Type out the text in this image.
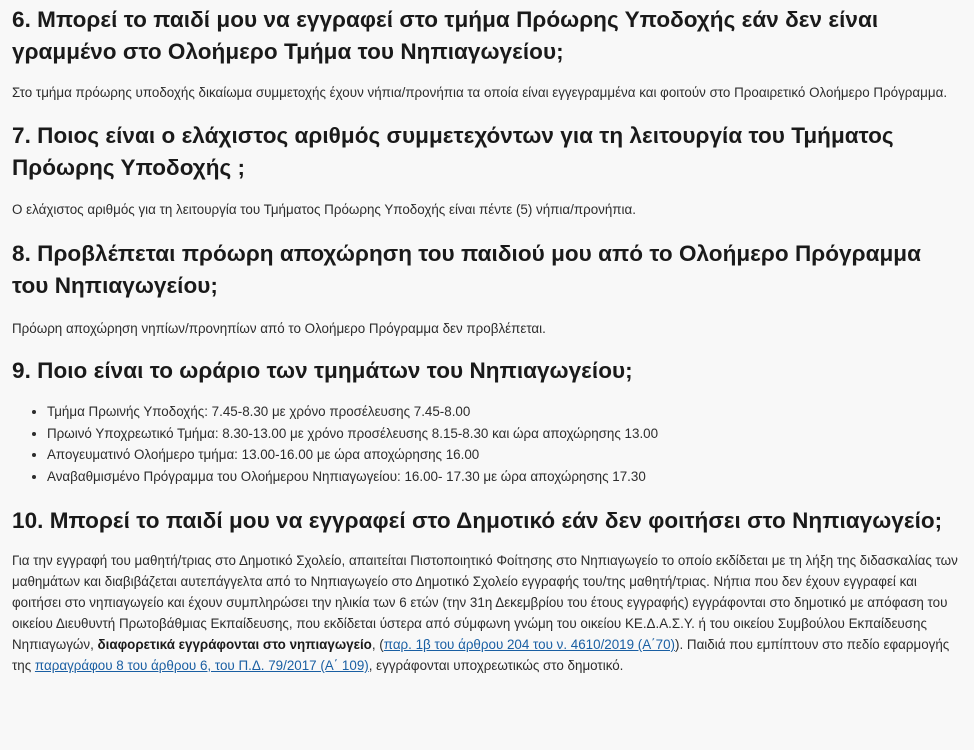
6. Μπορεί το παιδί μου να εγγραφεί στο τμήμα Πρόωρης Υποδοχής εάν δεν είναι γραμμένο στο Ολοήμερο Τμήμα του Νηπιαγωγείου;

Στο τμήμα πρόωρης υποδοχής δικαίωμα συμμετοχής έχουν νήπια/προνήπια τα οποία είναι εγγεγραμμένα και φοιτούν στο Προαιρετικό Ολοήμερο Πρόγραμμα.

7. Ποιος είναι ο ελάχιστος αριθμός συμμετεχόντων για τη λειτουργία του Τμήματος Πρόωρης Υποδοχής ;

Ο ελάχιστος αριθμός για τη λειτουργία του Τμήματος Πρόωρης Υποδοχής είναι πέντε (5) νήπια/προνήπια.

8. Προβλέπεται πρόωρη αποχώρηση του παιδιού μου από το Ολοήμερο Πρόγραμμα του Νηπιαγωγείου;

Πρόωρη αποχώρηση νηπίων/προνηπίων από το Ολοήμερο Πρόγραμμα δεν προβλέπεται.

9. Ποιο είναι το ωράριο των τμημάτων του Νηπιαγωγείου;
• Τμήμα Πρωινής Υποδοχής: 7.45-8.30 με χρόνο προσέλευσης 7.45-8.00
• Πρωινό Υποχρεωτικό Τμήμα: 8.30-13.00 με χρόνο προσέλευσης 8.15-8.30 και ώρα αποχώρησης 13.00
• Απογευματινό Ολοήμερο τμήμα: 13.00-16.00 με ώρα αποχώρησης 16.00
• Αναβαθμισμένο Πρόγραμμα του Ολοήμερου Νηπιαγωγείου: 16.00- 17.30 με ώρα αποχώρησης 17.30
10. Μπορεί το παιδί μου να εγγραφεί στο Δημοτικό εάν δεν φοιτήσει στο Νηπιαγωγείο;

Για την εγγραφή του μαθητή/τριας στο Δημοτικό Σχολείο, απαιτείται Πιστοποιητικό Φοίτησης στο Νηπιαγωγείο το οποίο εκδίδεται με τη λήξη της διδασκαλίας των μαθημάτων και διαβιβάζεται αυτεπάγγελτα από το Νηπιαγωγείο στο Δημοτικό Σχολείο εγγραφής του/της μαθητή/τριας. Νήπια που δεν έχουν εγγραφεί και φοιτήσει στο νηπιαγωγείο και έχουν συμπληρώσει την ηλικία των 6 ετών (την 31η Δεκεμβρίου του έτους εγγραφής) εγγράφονται στο δημοτικό με απόφαση του οικείου Διευθυντή Πρωτοβάθμιας Εκπαίδευσης, που εκδίδεται ύστερα από σύμφωνη γνώμη του οικείου ΚΕ.Δ.Α.Σ.Υ. ή του οικείου Συμβούλου Εκπαίδευσης Νηπιαγωγών, διαφορετικά εγγράφονται στο νηπιαγωγείο, (παρ. 1β του άρθρου 204 του ν. 4610/2019 (Α΄70)). Παιδιά που εμπίπτουν στο πεδίο εφαρμογής της παραγράφου 8 του άρθρου 6, του Π.Δ. 79/2017 (Α΄ 109), εγγράφονται υποχρεωτικώς στο δημοτικό.
